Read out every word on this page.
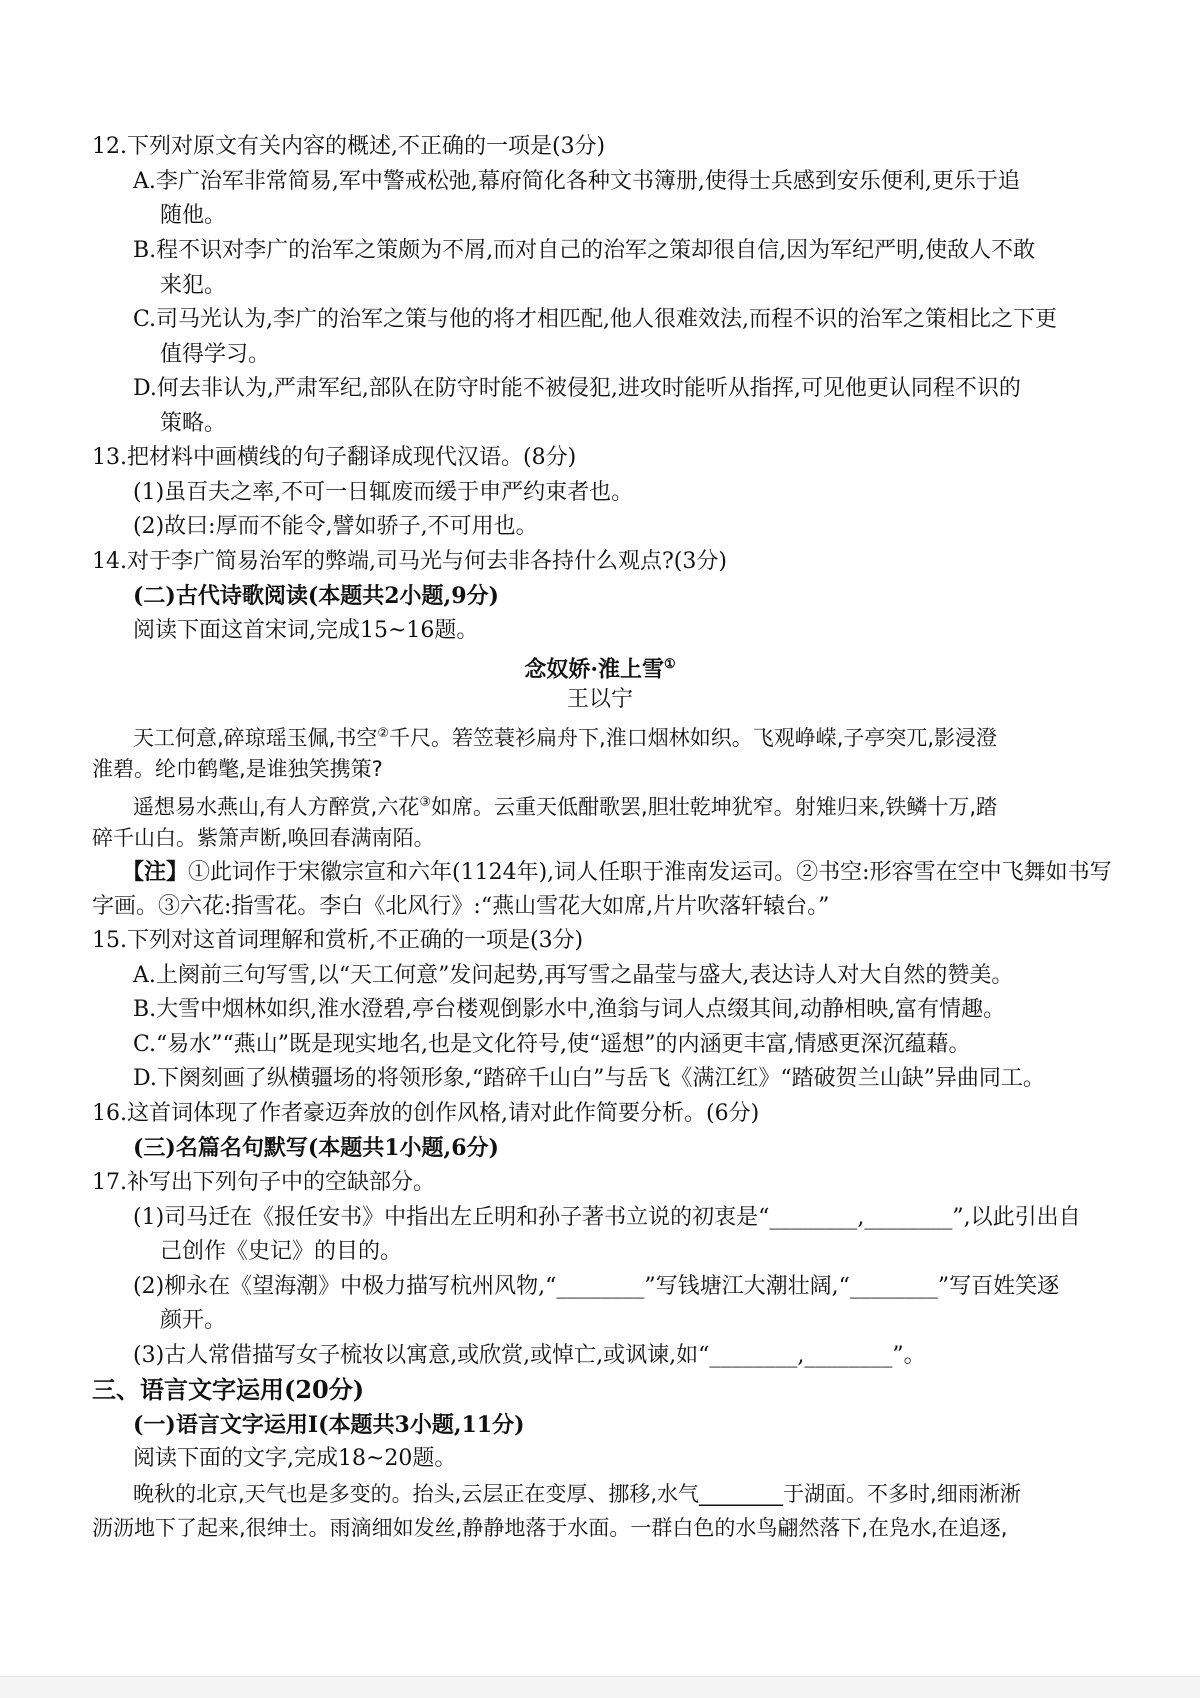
12.下列对原文有关内容的概述,不正确的一项是(3分)
A.李广治军非常简易,军中警戒松弛,幕府简化各种文书簿册,使得士兵感到安乐便利,更乐于追
随他。
B.程不识对李广的治军之策颇为不屑,而对自己的治军之策却很自信,因为军纪严明,使敌人不敢
来犯。
C.司马光认为,李广的治军之策与他的将才相匹配,他人很难效法,而程不识的治军之策相比之下更
值得学习。
D.何去非认为,严肃军纪,部队在防守时能不被侵犯,进攻时能听从指挥,可见他更认同程不识的
策略。
13.把材料中画横线的句子翻译成现代汉语。(8分)
(1)虽百夫之率,不可一日辄废而缓于申严约束者也。
(2)故曰:厚而不能令,譬如骄子,不可用也。
14.对于李广简易治军的弊端,司马光与何去非各持什么观点?(3分)
(二)古代诗歌阅读(本题共2小题,9分)
阅读下面这首宋词,完成15~16题。
念奴娇·淮上雪①
王以宁
天工何意,碎琼瑶玉佩,书空②千尺。箬笠蓑衫扁舟下,淮口烟林如织。飞观峥嵘,子亭突兀,影浸澄
淮碧。纶巾鹤氅,是谁独笑携策?
遥想易水燕山,有人方醉赏,六花③如席。云重天低酣歌罢,胆壮乾坤犹窄。射雉归来,铁鳞十万,踏
碎千山白。紫箫声断,唤回春满南陌。
【注】①此词作于宋徽宗宣和六年(1124年),词人任职于淮南发运司。②书空:形容雪在空中飞舞如书写
字画。③六花:指雪花。李白《北风行》:“燕山雪花大如席,片片吹落轩辕台。”
15.下列对这首词理解和赏析,不正确的一项是(3分)
A.上阕前三句写雪,以“天工何意”发问起势,再写雪之晶莹与盛大,表达诗人对大自然的赞美。
B.大雪中烟林如织,淮水澄碧,亭台楼观倒影水中,渔翁与词人点缀其间,动静相映,富有情趣。
C.“易水”“燕山”既是现实地名,也是文化符号,使“遥想”的内涵更丰富,情感更深沉蕴藉。
D.下阕刻画了纵横疆场的将领形象,“踏碎千山白”与岳飞《满江红》“踏破贺兰山缺”异曲同工。
16.这首词体现了作者豪迈奔放的创作风格,请对此作简要分析。(6分)
(三)名篇名句默写(本题共1小题,6分)
17.补写出下列句子中的空缺部分。
(1)司马迁在《报任安书》中指出左丘明和孙子著书立说的初衷是“________,________”,以此引出自
己创作《史记》的目的。
(2)柳永在《望海潮》中极力描写杭州风物,“________”写钱塘江大潮壮阔,“________”写百姓笑逐
颜开。
(3)古人常借描写女子梳妆以寓意,或欣赏,或悼亡,或讽谏,如“________,________”。
三、语言文字运用(20分)
(一)语言文字运用Ⅰ(本题共3小题,11分)
阅读下面的文字,完成18~20题。
晚秋的北京,天气也是多变的。抬头,云层正在变厚、挪移,水气________于湖面。不多时,细雨淅淅
沥沥地下了起来,很绅士。雨滴细如发丝,静静地落于水面。一群白色的水鸟翩然落下,在凫水,在追逐,
